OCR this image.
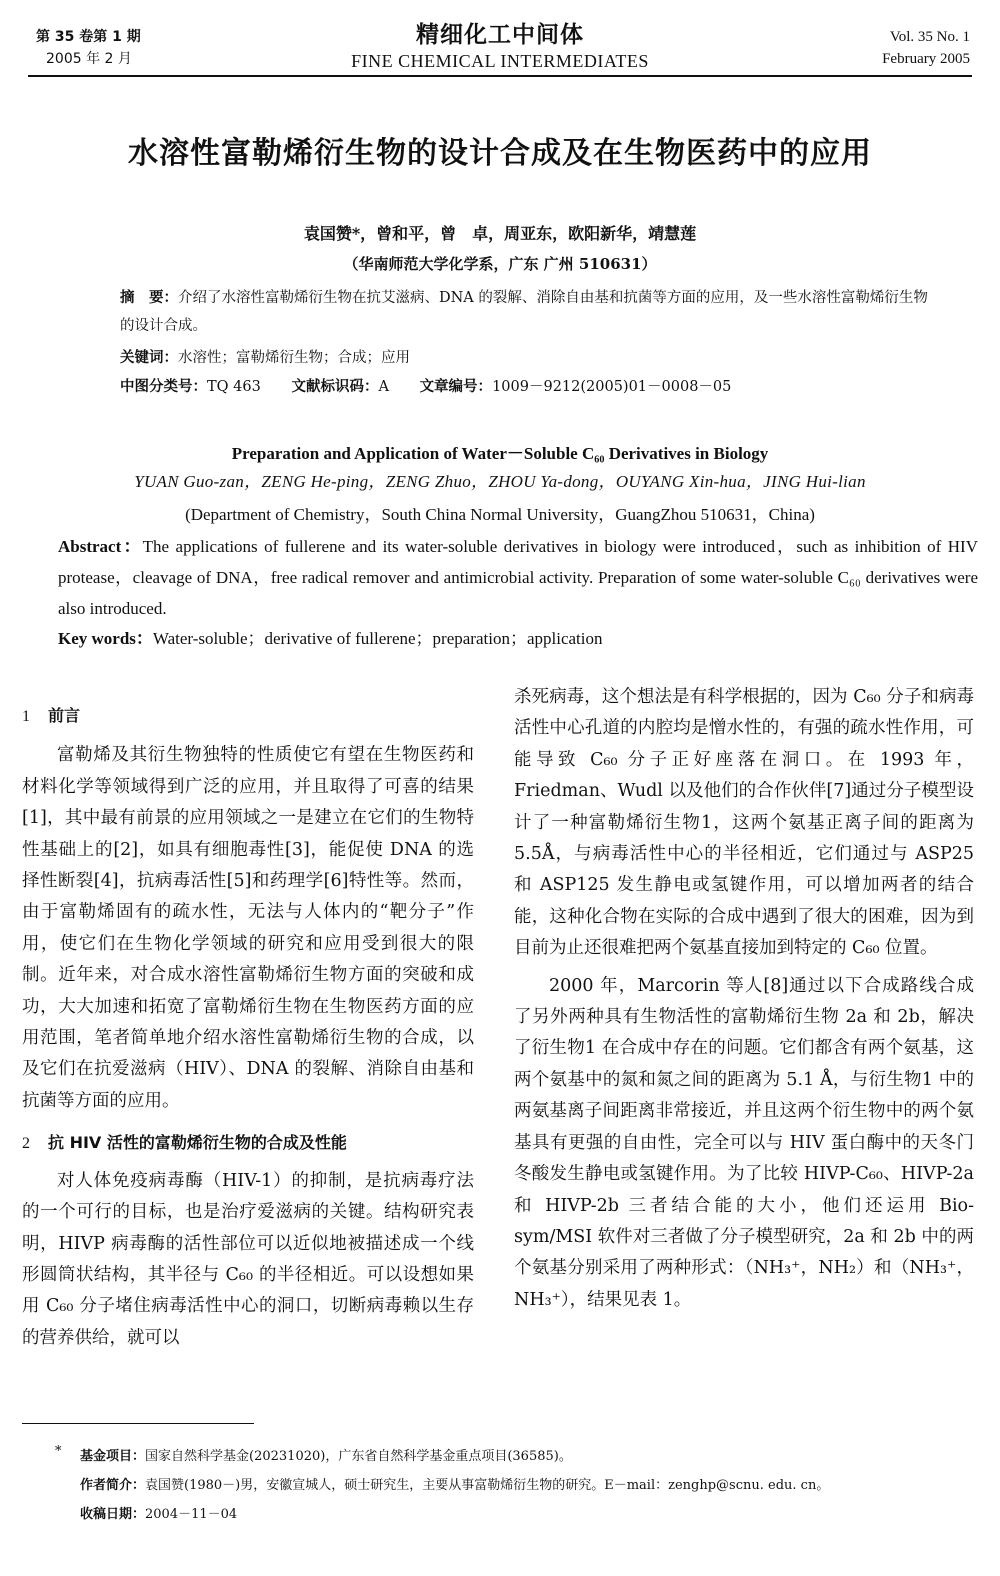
第 35 卷第 1 期
2005 年 2 月
精细化工中间体
FINE CHEMICAL INTERMEDIATES
Vol. 35 No. 1
February 2005
水溶性富勒烯衍生物的设计合成及在生物医药中的应用
袁国赞*，曾和平，曾　卓，周亚东，欧阳新华，靖慧莲
（华南师范大学化学系，广东 广州 510631）
摘　要：介绍了水溶性富勒烯衍生物在抗艾滋病、DNA 的裂解、消除自由基和抗菌等方面的应用，及一些水溶性富勒烯衍生物的设计合成。
关键词：水溶性；富勒烯衍生物；合成；应用
中图分类号：TQ 463 文献标识码：A 文章编号：1009－9212(2005)01－0008－05
Preparation and Application of Water－Soluble C₆₀ Derivatives in Biology
YUAN Guo-zan，ZENG He-ping，ZENG Zhuo，ZHOU Ya-dong，OUYANG Xin-hua，JING Hui-lian
(Department of Chemistry，South China Normal University，GuangZhou 510631，China)
Abstract：The applications of fullerene and its water-soluble derivatives in biology were introduced，such as inhibition of HIV protease，cleavage of DNA，free radical remover and antimicrobial activity. Preparation of some water-soluble C₆₀ derivatives were also introduced.
Key words：Water-soluble；derivative of fullerene；preparation；application

1 前言

富勒烯及其衍生物独特的性质使它有望在生物医药和材料化学等领域得到广泛的应用，并且取得了可喜的结果[1]，其中最有前景的应用领域之一是建立在它们的生物特性基础上的[2]，如具有细胞毒性[3]，能促使 DNA 的选择性断裂[4]，抗病毒活性[5]和药理学[6]特性等。然而，由于富勒烯固有的疏水性，无法与人体内的“靶分子”作用，使它们在生物化学领域的研究和应用受到很大的限制。近年来，对合成水溶性富勒烯衍生物方面的突破和成功，大大加速和拓宽了富勒烯衍生物在生物医药方面的应用范围，笔者简单地介绍水溶性富勒烯衍生物的合成，以及它们在抗爱滋病（HIV）、DNA 的裂解、消除自由基和抗菌等方面的应用。

2 抗 HIV 活性的富勒烯衍生物的合成及性能

对人体免疫病毒酶（HIV-1）的抑制，是抗病毒疗法的一个可行的目标，也是治疗爱滋病的关键。结构研究表明，HIVP 病毒酶的活性部位可以近似地被描述成一个线形圆筒状结构，其半径与 C₆₀ 的半径相近。可以设想如果用 C₆₀ 分子堵住病毒活性中心的洞口，切断病毒赖以生存的营养供给，就可以

杀死病毒，这个想法是有科学根据的，因为 C₆₀ 分子和病毒活性中心孔道的内腔均是憎水性的，有强的疏水性作用，可能导致 C₆₀ 分子正好座落在洞口。在 1993 年，Friedman、Wudl 以及他们的合作伙伴[7]通过分子模型设计了一种富勒烯衍生物1，这两个氨基正离子间的距离为 5.5Å，与病毒活性中心的半径相近，它们通过与 ASP25 和 ASP125 发生静电或氢键作用，可以增加两者的结合能，这种化合物在实际的合成中遇到了很大的困难，因为到目前为止还很难把两个氨基直接加到特定的 C₆₀ 位置。

2000 年，Marcorin 等人[8]通过以下合成路线合成了另外两种具有生物活性的富勒烯衍生物 2a 和 2b，解决了衍生物1 在合成中存在的问题。它们都含有两个氨基，这两个氨基中的氮和氮之间的距离为 5.1 Å，与衍生物1 中的两氨基离子间距离非常接近，并且这两个衍生物中的两个氨基具有更强的自由性，完全可以与 HIV 蛋白酶中的天冬门冬酸发生静电或氢键作用。为了比较 HIVP-C₆₀、HIVP-2a 和 HIVP-2b 三者结合能的大小，他们还运用 Bio-sym/MSI 软件对三者做了分子模型研究，2a 和 2b 中的两个氨基分别采用了两种形式：（NH₃⁺，NH₂）和（NH₃⁺，NH₃⁺），结果见表 1。

* 基金项目：国家自然科学基金(20231020)，广东省自然科学基金重点项目(36585)。
作者简介：袁国赞(1980－)男，安徽宣城人，硕士研究生，主要从事富勒烯衍生物的研究。E－mail：zenghp@scnu. edu. cn。
收稿日期：2004－11－04
